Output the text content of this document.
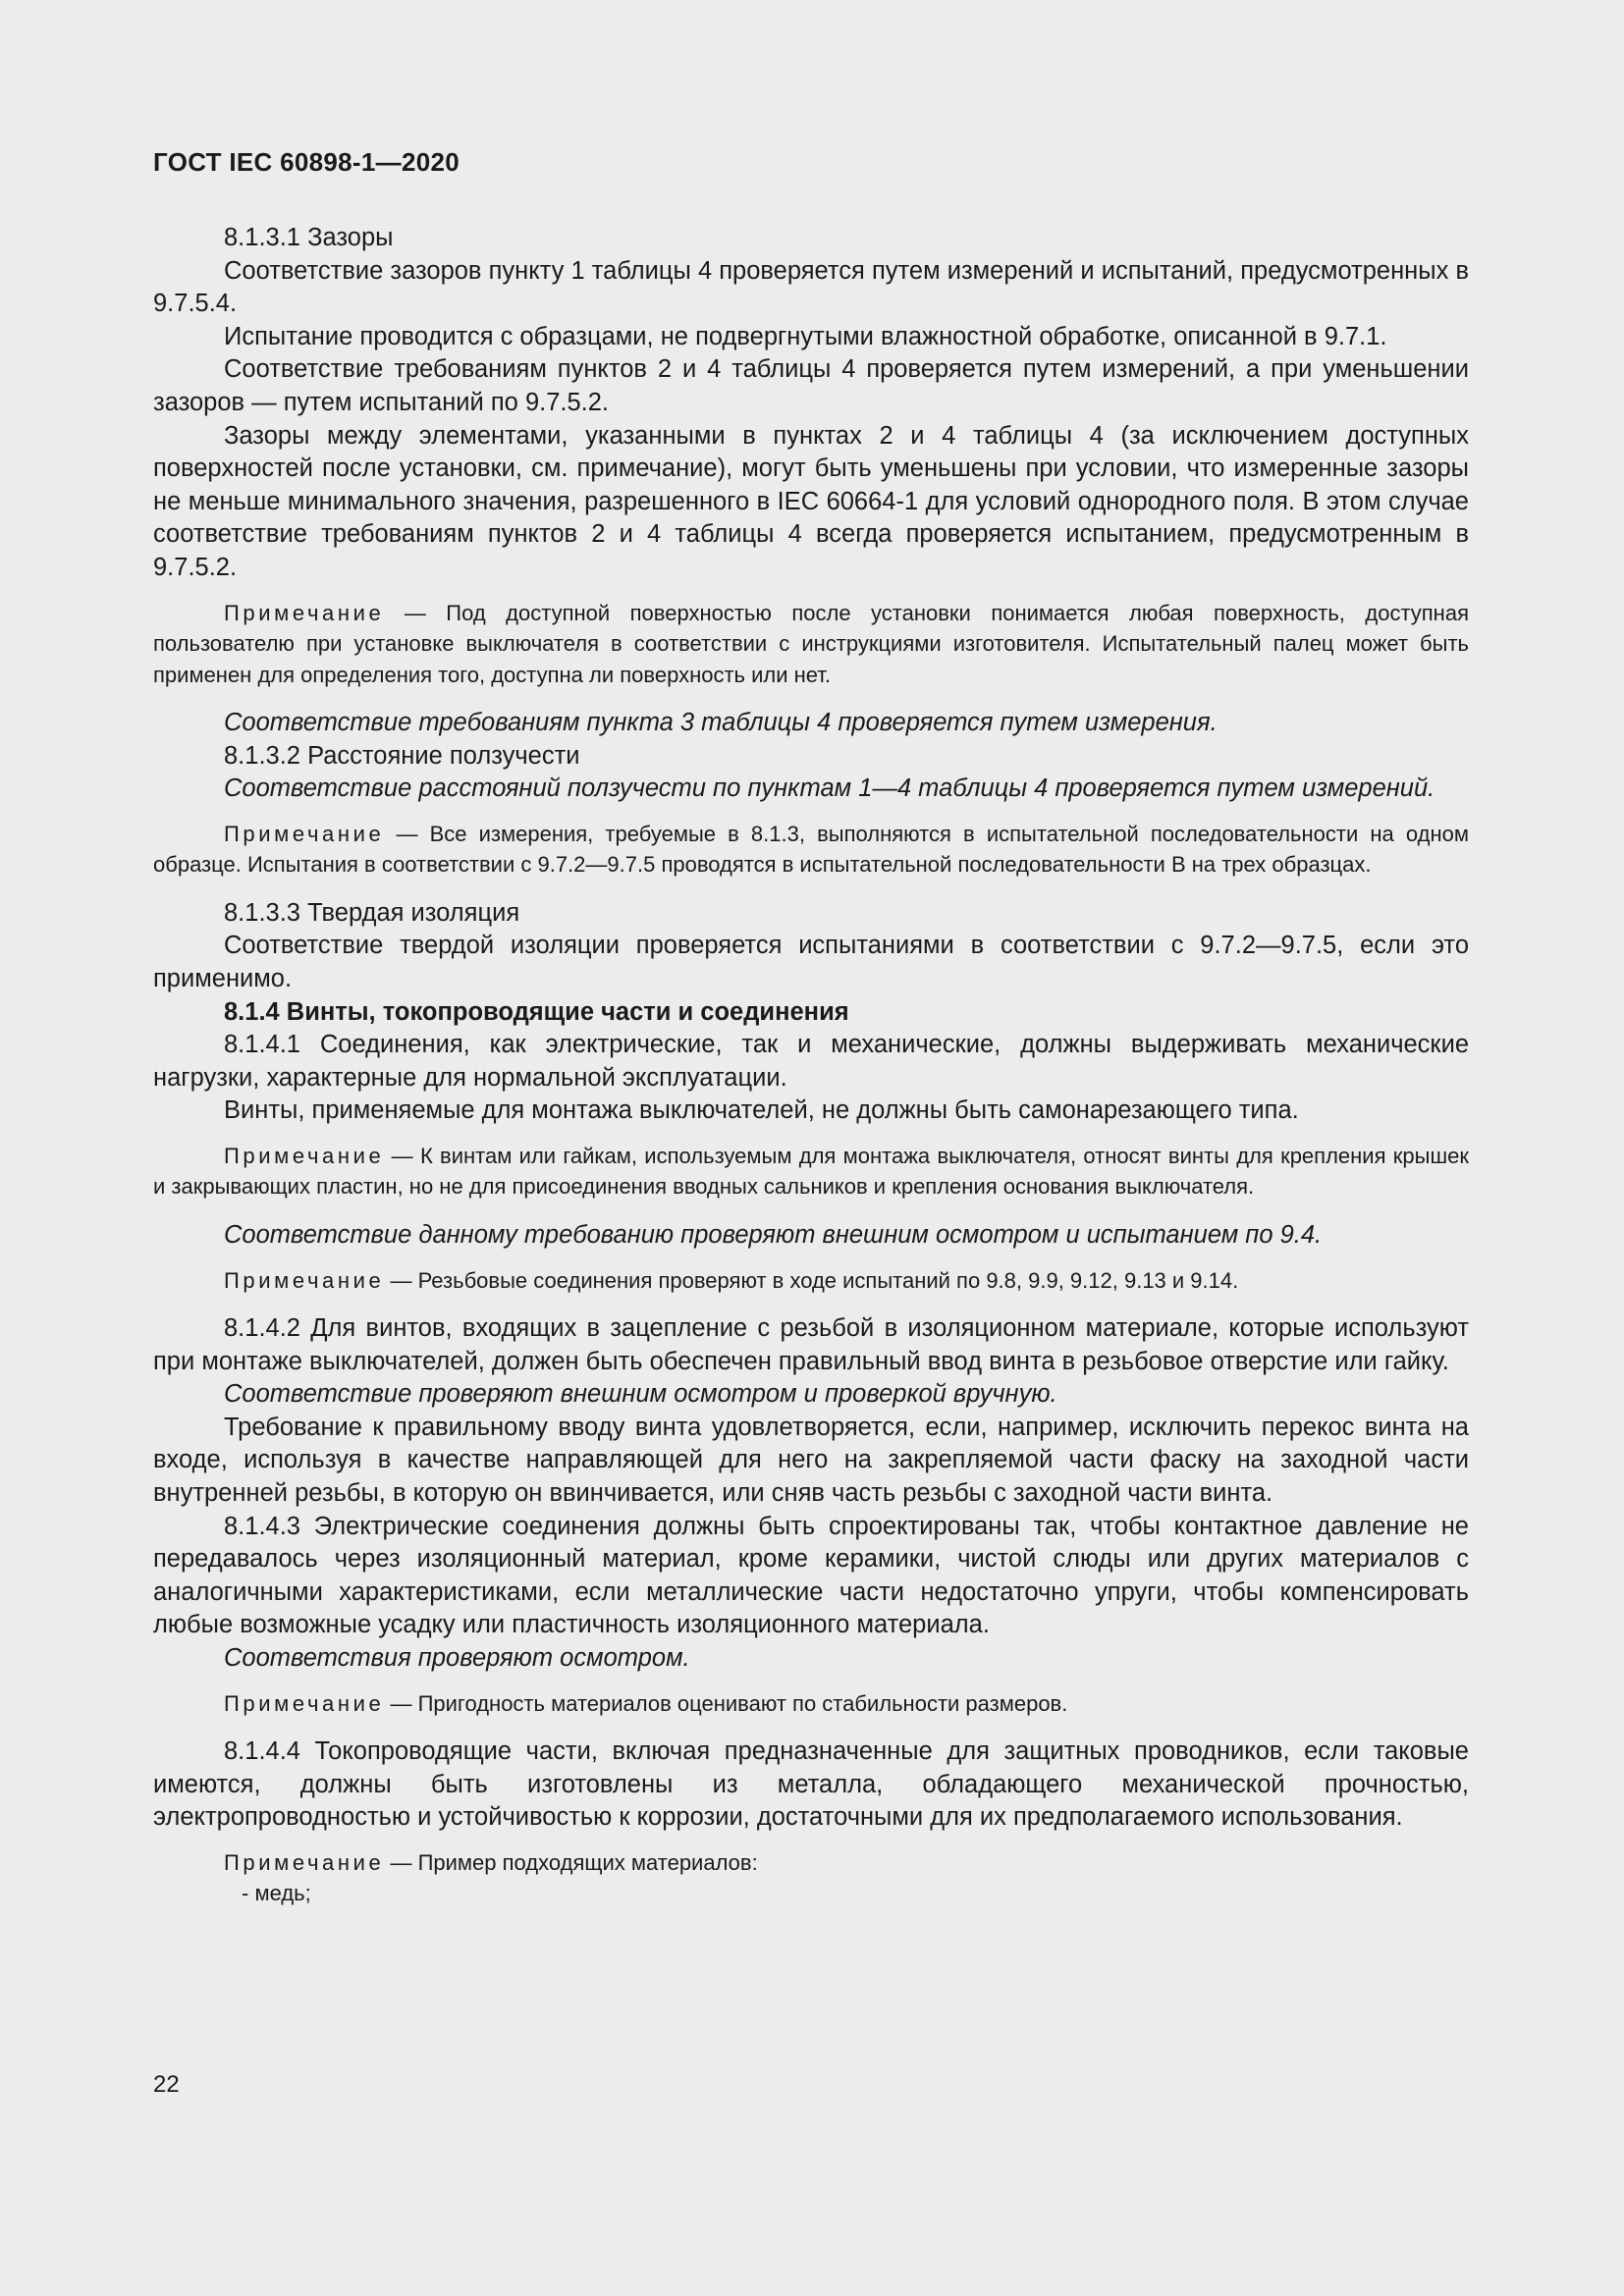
ГОСТ IEC 60898-1—2020

8.1.3.1 Зазоры

Соответствие зазоров пункту 1 таблицы 4 проверяется путем измерений и испытаний, предусмотренных в 9.7.5.4.

Испытание проводится с образцами, не подвергнутыми влажностной обработке, описанной в 9.7.1.

Соответствие требованиям пунктов 2 и 4 таблицы 4 проверяется путем измерений, а при уменьшении зазоров — путем испытаний по 9.7.5.2.

Зазоры между элементами, указанными в пунктах 2 и 4 таблицы 4 (за исключением доступных поверхностей после установки, см. примечание), могут быть уменьшены при условии, что измеренные зазоры не меньше минимального значения, разрешенного в IEC 60664-1 для условий однородного поля. В этом случае соответствие требованиям пунктов 2 и 4 таблицы 4 всегда проверяется испытанием, предусмотренным в 9.7.5.2.

Примечание — Под доступной поверхностью после установки понимается любая поверхность, доступная пользователю при установке выключателя в соответствии с инструкциями изготовителя. Испытательный палец может быть применен для определения того, доступна ли поверхность или нет.

Соответствие требованиям пункта 3 таблицы 4 проверяется путем измерения.

8.1.3.2 Расстояние ползучести

Соответствие расстояний ползучести по пунктам 1—4 таблицы 4 проверяется путем измерений.

Примечание — Все измерения, требуемые в 8.1.3, выполняются в испытательной последовательности на одном образце. Испытания в соответствии с 9.7.2—9.7.5 проводятся в испытательной последовательности В на трех образцах.

8.1.3.3 Твердая изоляция

Соответствие твердой изоляции проверяется испытаниями в соответствии с 9.7.2—9.7.5, если это применимо.

8.1.4 Винты, токопроводящие части и соединения

8.1.4.1 Соединения, как электрические, так и механические, должны выдерживать механические нагрузки, характерные для нормальной эксплуатации.

Винты, применяемые для монтажа выключателей, не должны быть самонарезающего типа.

Примечание — К винтам или гайкам, используемым для монтажа выключателя, относят винты для крепления крышек и закрывающих пластин, но не для присоединения вводных сальников и крепления основания выключателя.

Соответствие данному требованию проверяют внешним осмотром и испытанием по 9.4.

Примечание — Резьбовые соединения проверяют в ходе испытаний по 9.8, 9.9, 9.12, 9.13 и 9.14.

8.1.4.2 Для винтов, входящих в зацепление с резьбой в изоляционном материале, которые используют при монтаже выключателей, должен быть обеспечен правильный ввод винта в резьбовое отверстие или гайку.

Соответствие проверяют внешним осмотром и проверкой вручную.

Требование к правильному вводу винта удовлетворяется, если, например, исключить перекос винта на входе, используя в качестве направляющей для него на закрепляемой части фаску на заходной части внутренней резьбы, в которую он ввинчивается, или сняв часть резьбы с заходной части винта.

8.1.4.3 Электрические соединения должны быть спроектированы так, чтобы контактное давление не передавалось через изоляционный материал, кроме керамики, чистой слюды или других материалов с аналогичными характеристиками, если металлические части недостаточно упруги, чтобы компенсировать любые возможные усадку или пластичность изоляционного материала.

Соответствия проверяют осмотром.

Примечание — Пригодность материалов оценивают по стабильности размеров.

8.1.4.4 Токопроводящие части, включая предназначенные для защитных проводников, если таковые имеются, должны быть изготовлены из металла, обладающего механической прочностью, электропроводностью и устойчивостью к коррозии, достаточными для их предполагаемого использования.

Примечание — Пример подходящих материалов:

- медь;

22
